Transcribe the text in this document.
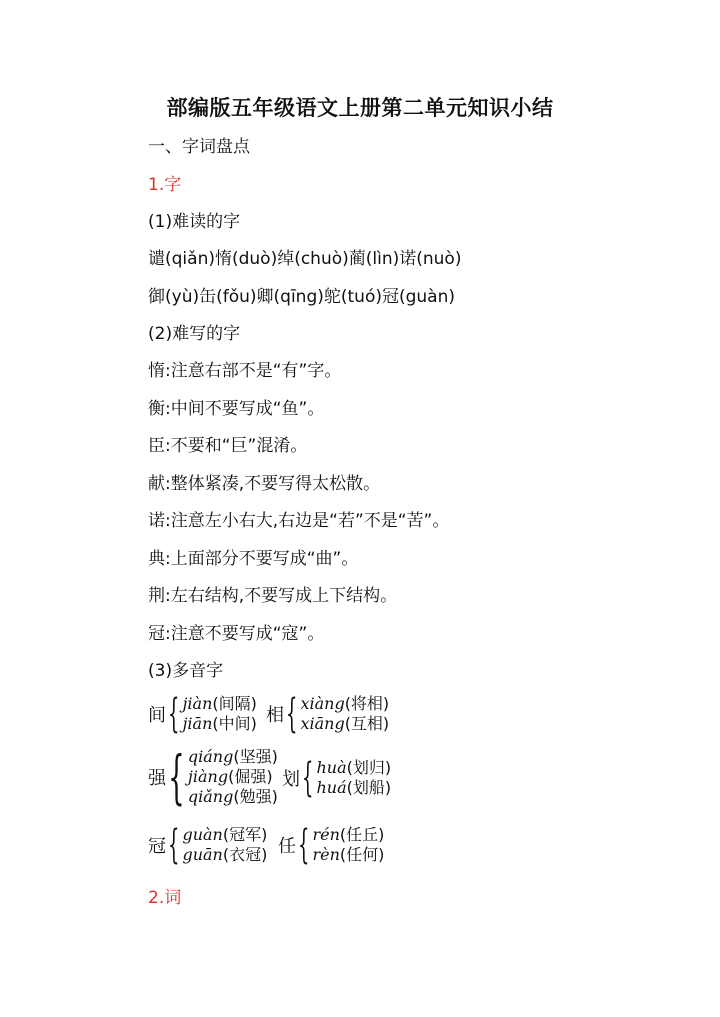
部编版五年级语文上册第二单元知识小结
一、字词盘点
1.字
(1)难读的字
谴(qiǎn)惰(duò)绰(chuò)蔺(lìn)诺(nuò)
御(yù)缶(fǒu)卿(qīng)鸵(tuó)冠(guàn)
(2)难写的字
惰:注意右部不是“有”字。
衡:中间不要写成“鱼”。
臣:不要和“巨”混淆。
献:整体紧凑,不要写得太松散。
诺:注意左小右大,右边是“若”不是“苦”。
典:上面部分不要写成“曲”。
荆:左右结构,不要写成上下结构。
冠:注意不要写成“寇”。
(3)多音字
间 { jiàn(间隔)
jiān(中间) 相 { xiàng(将相)
xiāng(互相)
强 { qiáng(坚强)
jiàng(倔强)
qiǎng(勉强)
划 { huà(划归)
huá(划船)
冠 { guàn(冠军)
guān(衣冠) 任 { rén(任丘)
rèn(任何)
2.词
